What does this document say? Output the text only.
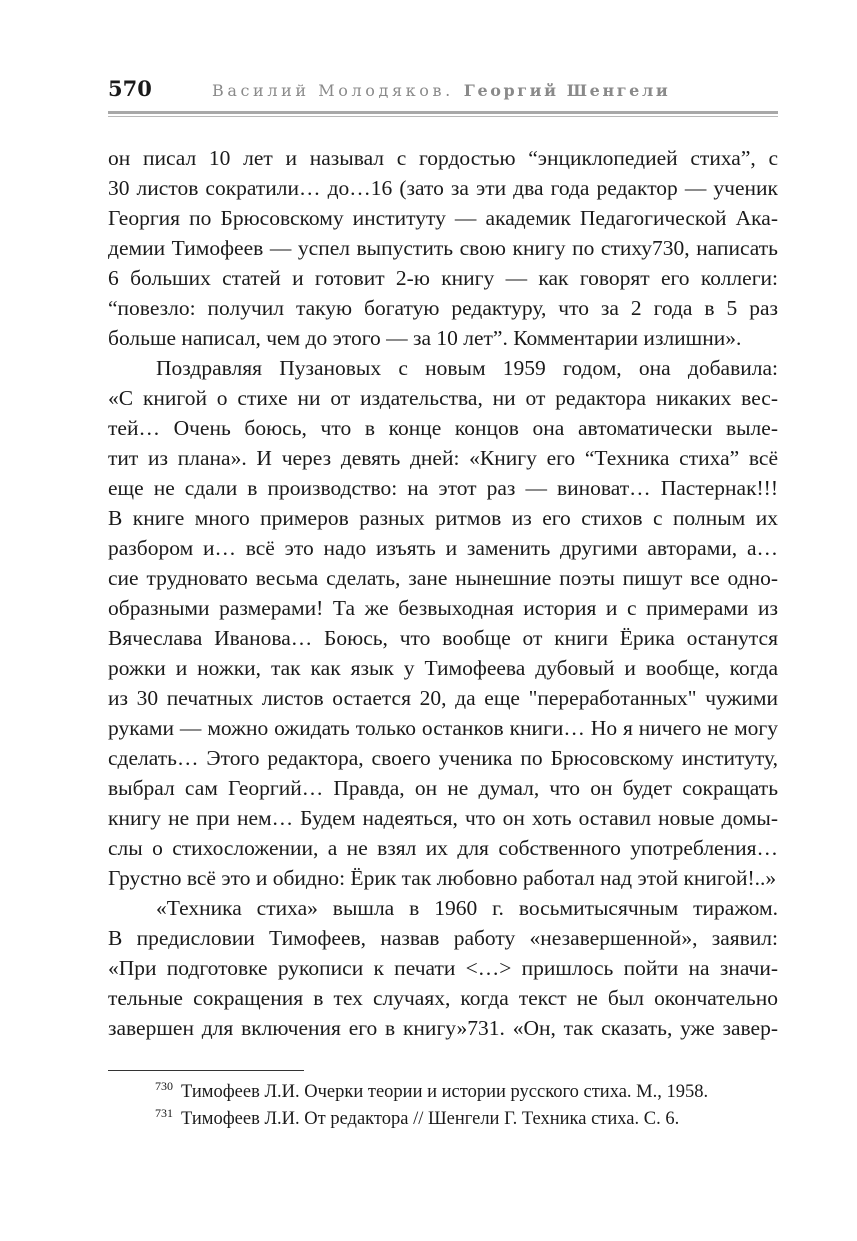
570	Василий Молодяков. Георгий Шенгели
он писал 10 лет и называл с гордостью “энциклопедией стиха”, с
30 листов сократили… до…16 (зато за эти два года редактор — ученик
Георгия по Брюсовскому институту — академик Педагогической Ака-
демии Тимофеев — успел выпустить свою книгу по стиху730, написать
6 больших статей и готовит 2-ю книгу — как говорят его коллеги:
“повезло: получил такую богатую редактуру, что за 2 года в 5 раз
больше написал, чем до этого — за 10 лет”. Комментарии излишни».
Поздравляя Пузановых с новым 1959 годом, она добавила:
«С книгой о стихе ни от издательства, ни от редактора никаких вес-
тей… Очень боюсь, что в конце концов она автоматически выле-
тит из плана». И через девять дней: «Книгу его “Техника стиха” всё
еще не сдали в производство: на этот раз — виноват… Пастернак!!!
В книге много примеров разных ритмов из его стихов с полным их
разбором и… всё это надо изъять и заменить другими авторами, а…
сие трудновато весьма сделать, зане нынешние поэты пишут все одно-
образными размерами! Та же безвыходная история и с примерами из
Вячеслава Иванова… Боюсь, что вообще от книги Ёрика останутся
рожки и ножки, так как язык у Тимофеева дубовый и вообще, когда
из 30 печатных листов остается 20, да еще "переработанных" чужими
руками — можно ожидать только останков книги… Но я ничего не могу
сделать… Этого редактора, своего ученика по Брюсовскому институту,
выбрал сам Георгий… Правда, он не думал, что он будет сокращать
книгу не при нем… Будем надеяться, что он хоть оставил новые домы-
слы о стихосложении, а не взял их для собственного употребления…
Грустно всё это и обидно: Ёрик так любовно работал над этой книгой!..»
«Техника стиха» вышла в 1960 г. восьмитысячным тиражом.
В предисловии Тимофеев, назвав работу «незавершенной», заявил:
«При подготовке рукописи к печати <…> пришлось пойти на значи-
тельные сокращения в тех случаях, когда текст не был окончательно
завершен для включения его в книгу»731. «Он, так сказать, уже завер-
$^{730}$ Тимофеев Л.И. Очерки теории и истории русского стиха. М., 1958.
$^{731}$ Тимофеев Л.И. От редактора // Шенгели Г. Техника стиха. С. 6.
